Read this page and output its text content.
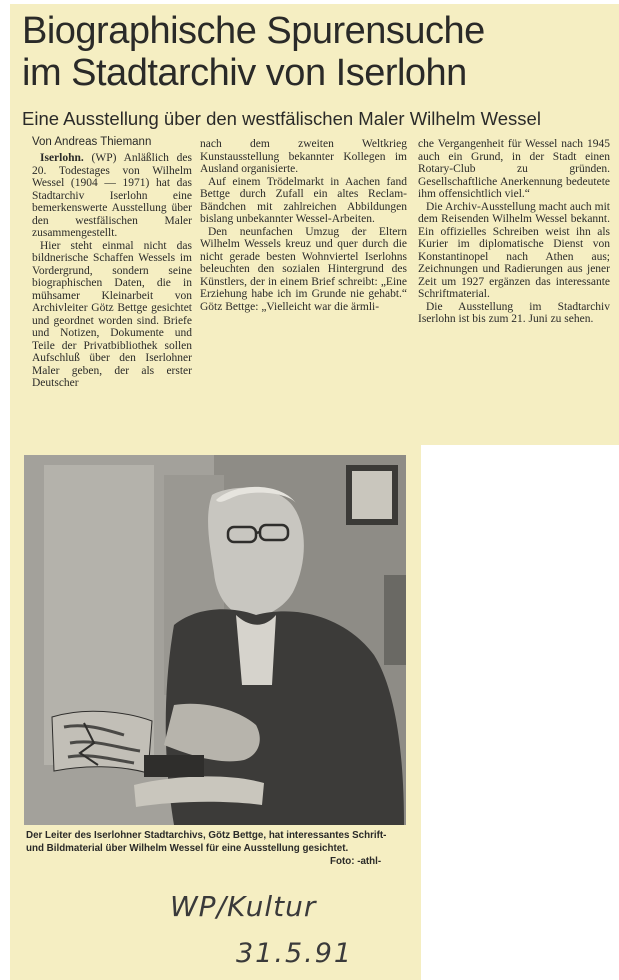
Biographische Spurensuche
im Stadtarchiv von Iserlohn
Eine Ausstellung über den westfälischen Maler Wilhelm Wessel
Von Andreas Thiemann

Iserlohn. (WP) Anläßlich des 20. Todestages von Wilhelm Wessel (1904 — 1971) hat das Stadtarchiv Iserlohn eine bemerkenswerte Ausstellung über den westfälischen Maler zusammengestellt.

Hier steht einmal nicht das bildnerische Schaffen Wessels im Vordergrund, sondern seine biographischen Daten, die in mühsamer Kleinarbeit von Archivleiter Götz Bettge gesichtet und geordnet worden sind. Briefe und Notizen, Dokumente und Teile der Privatbibliothek sollen Aufschluß über den Iserlohner Maler geben, der als erster Deutscher

nach dem zweiten Weltkrieg Kunstausstellung bekannter Kollegen im Ausland organisierte.

Auf einem Trödelmarkt in Aachen fand Bettge durch Zufall ein altes Reclam-Bändchen mit zahlreichen Abbildungen bislang unbekannter Wessel-Arbeiten.

Den neunfachen Umzug der Eltern Wilhelm Wessels kreuz und quer durch die nicht gerade besten Wohnviertel Iserlohns beleuchten den sozialen Hintergrund des Künstlers, der in einem Brief schreibt: „Eine Erziehung habe ich im Grunde nie gehabt.“ Götz Bettge: „Vielleicht war die ärmli-

che Vergangenheit für Wessel nach 1945 auch ein Grund, in der Stadt einen Rotary-Club zu gründen. Gesellschaftliche Anerkennung bedeutete ihm offensichtlich viel.“

Die Archiv-Ausstellung macht auch mit dem Reisenden Wilhelm Wessel bekannt. Ein offizielles Schreiben weist ihn als Kurier im diplomatische Dienst von Konstantinopel nach Athen aus; Zeichnungen und Radierungen aus jener Zeit um 1927 ergänzen das interessante Schriftmaterial.

Die Ausstellung im Stadtarchiv Iserlohn ist bis zum 21. Juni zu sehen.

Der Leiter des Iserlohner Stadtarchivs, Götz Bettge, hat interessantes Schrift- und Bildmaterial über Wilhelm Wessel für eine Ausstellung gesichtet.
Foto: -athl-
WP/Kultur
31.5.91
